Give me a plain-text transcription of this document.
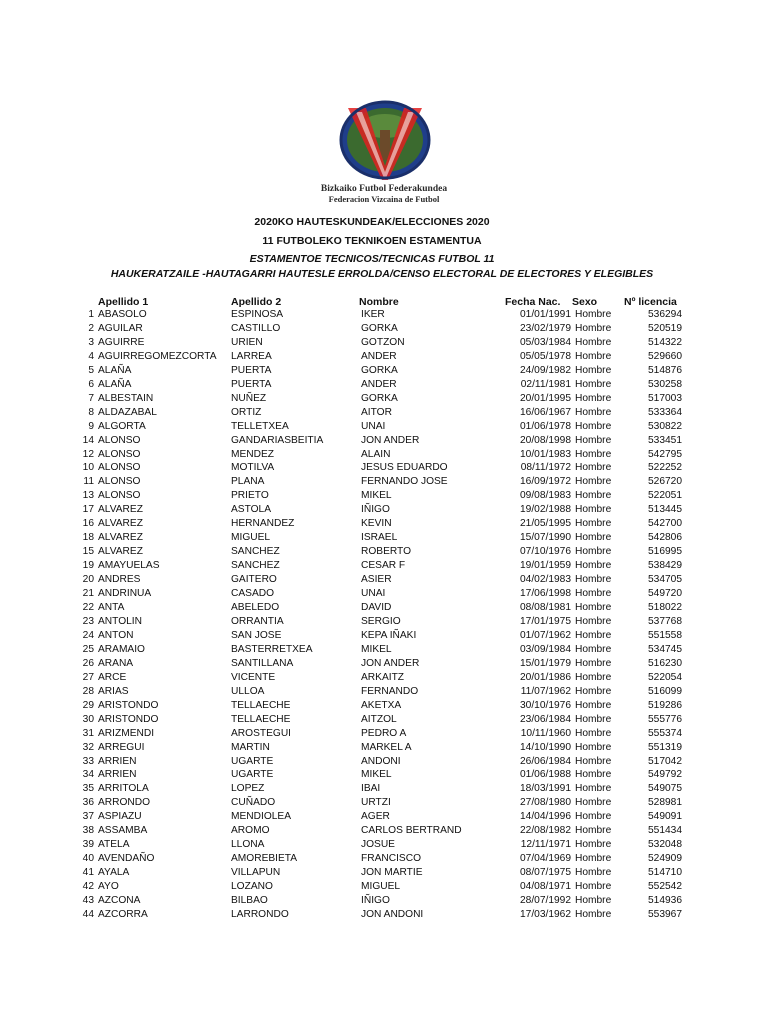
Bizkaiko Futbol Federakundea
Federacion Vizcaina de Futbol
2020KO HAUTESKUNDEAK/ELECCIONES 2020
11 FUTBOLEKO TEKNIKOEN ESTAMENTUA
ESTAMENTOE TECNICOS/TECNICAS FUTBOL 11
HAUKERATZAILE -HAUTAGARRI HAUTESLE ERROLDA/CENSO ELECTORAL DE ELECTORES Y ELEGIBLES
Apellido 1	Apellido 2	Nombre	Fecha Nac. Sexo	Nº licencia
1	ABASOLO	ESPINOSA	IKER	01/01/1991	Hombre	536294
2	AGUILAR	CASTILLO	GORKA	23/02/1979	Hombre	520519
3	AGUIRRE	URIEN	GOTZON	05/03/1984	Hombre	514322
4	AGUIRREGOMEZCORTA	LARREA	ANDER	05/05/1978	Hombre	529660
5	ALAÑA	PUERTA	GORKA	24/09/1982	Hombre	514876
6	ALAÑA	PUERTA	ANDER	02/11/1981	Hombre	530258
7	ALBESTAIN	NUÑEZ	GORKA	20/01/1995	Hombre	517003
8	ALDAZABAL	ORTIZ	AITOR	16/06/1967	Hombre	533364
9	ALGORTA	TELLETXEA	UNAI	01/06/1978	Hombre	530822
14	ALONSO	GANDARIASBEITIA	JON ANDER	20/08/1998	Hombre	533451
12	ALONSO	MENDEZ	ALAIN	10/01/1983	Hombre	542795
10	ALONSO	MOTILVA	JESUS EDUARDO	08/11/1972	Hombre	522252
11	ALONSO	PLANA	FERNANDO JOSE	16/09/1972	Hombre	526720
13	ALONSO	PRIETO	MIKEL	09/08/1983	Hombre	522051
17	ALVAREZ	ASTOLA	IÑIGO	19/02/1988	Hombre	513445
16	ALVAREZ	HERNANDEZ	KEVIN	21/05/1995	Hombre	542700
18	ALVAREZ	MIGUEL	ISRAEL	15/07/1990	Hombre	542806
15	ALVAREZ	SANCHEZ	ROBERTO	07/10/1976	Hombre	516995
19	AMAYUELAS	SANCHEZ	CESAR F	19/01/1959	Hombre	538429
20	ANDRES	GAITERO	ASIER	04/02/1983	Hombre	534705
21	ANDRINUA	CASADO	UNAI	17/06/1998	Hombre	549720
22	ANTA	ABELEDO	DAVID	08/08/1981	Hombre	518022
23	ANTOLIN	ORRANTIA	SERGIO	17/01/1975	Hombre	537768
24	ANTON	SAN JOSE	KEPA IÑAKI	01/07/1962	Hombre	551558
25	ARAMAIO	BASTERRETXEA	MIKEL	03/09/1984	Hombre	534745
26	ARANA	SANTILLANA	JON ANDER	15/01/1979	Hombre	516230
27	ARCE	VICENTE	ARKAITZ	20/01/1986	Hombre	522054
28	ARIAS	ULLOA	FERNANDO	11/07/1962	Hombre	516099
29	ARISTONDO	TELLAECHE	AKETXA	30/10/1976	Hombre	519286
30	ARISTONDO	TELLAECHE	AITZOL	23/06/1984	Hombre	555776
31	ARIZMENDI	AROSTEGUI	PEDRO A	10/11/1960	Hombre	555374
32	ARREGUI	MARTIN	MARKEL A	14/10/1990	Hombre	551319
33	ARRIEN	UGARTE	ANDONI	26/06/1984	Hombre	517042
34	ARRIEN	UGARTE	MIKEL	01/06/1988	Hombre	549792
35	ARRITOLA	LOPEZ	IBAI	18/03/1991	Hombre	549075
36	ARRONDO	CUÑADO	URTZI	27/08/1980	Hombre	528981
37	ASPIAZU	MENDIOLEA	AGER	14/04/1996	Hombre	549091
38	ASSAMBA	AROMO	CARLOS BERTRAND	22/08/1982	Hombre	551434
39	ATELA	LLONA	JOSUE	12/11/1971	Hombre	532048
40	AVENDAÑO	AMOREBIETA	FRANCISCO	07/04/1969	Hombre	524909
41	AYALA	VILLAPUN	JON MARTIE	08/07/1975	Hombre	514710
42	AYO	LOZANO	MIGUEL	04/08/1971	Hombre	552542
43	AZCONA	BILBAO	IÑIGO	28/07/1992	Hombre	514936
44	AZCORRA	LARRONDO	JON ANDONI	17/03/1962	Hombre	553967
